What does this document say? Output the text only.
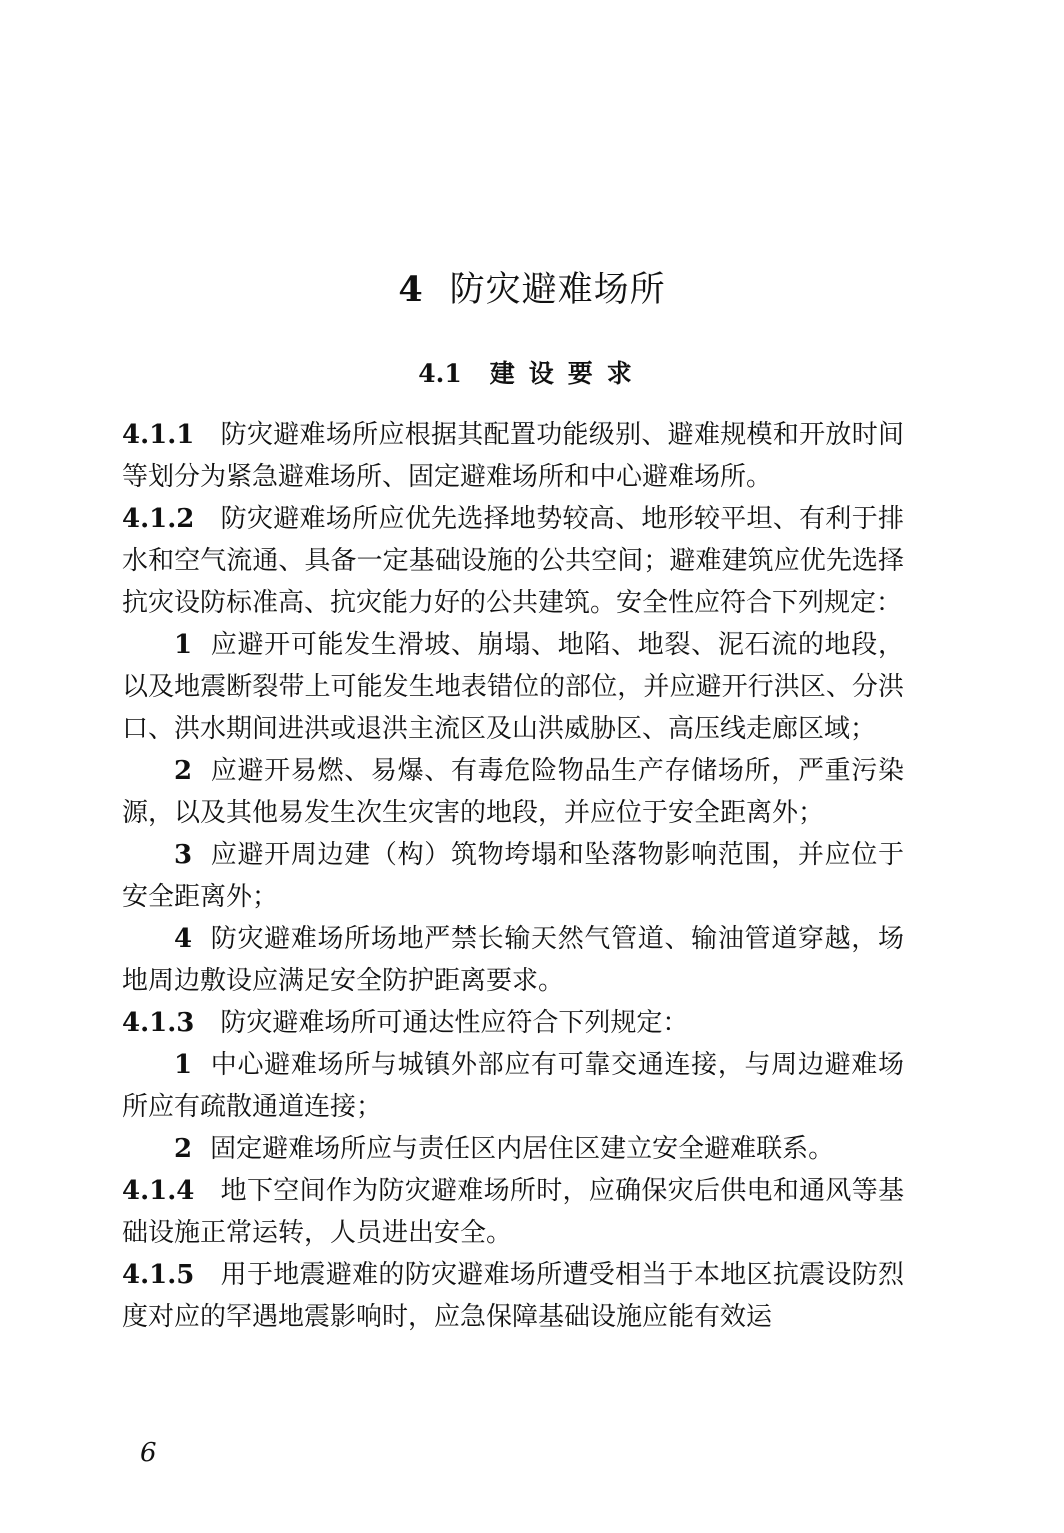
4 防灾避难场所
4.1 建设要求

4.1.1 防灾避难场所应根据其配置功能级别、避难规模和开放时间等划分为紧急避难场所、固定避难场所和中心避难场所。

4.1.2 防灾避难场所应优先选择地势较高、地形较平坦、有利于排水和空气流通、具备一定基础设施的公共空间；避难建筑应优先选择抗灾设防标准高、抗灾能力好的公共建筑。安全性应符合下列规定：

1 应避开可能发生滑坡、崩塌、地陷、地裂、泥石流的地段，以及地震断裂带上可能发生地表错位的部位，并应避开行洪区、分洪口、洪水期间进洪或退洪主流区及山洪威胁区、高压线走廊区域；

2 应避开易燃、易爆、有毒危险物品生产存储场所，严重污染源，以及其他易发生次生灾害的地段，并应位于安全距离外；

3 应避开周边建（构）筑物垮塌和坠落物影响范围，并应位于安全距离外；

4 防灾避难场所场地严禁长输天然气管道、输油管道穿越，场地周边敷设应满足安全防护距离要求。

4.1.3 防灾避难场所可通达性应符合下列规定：

1 中心避难场所与城镇外部应有可靠交通连接，与周边避难场所应有疏散通道连接；

2 固定避难场所应与责任区内居住区建立安全避难联系。

4.1.4 地下空间作为防灾避难场所时，应确保灾后供电和通风等基础设施正常运转，人员进出安全。

4.1.5 用于地震避难的防灾避难场所遭受相当于本地区抗震设防烈度对应的罕遇地震影响时，应急保障基础设施应能有效运

6
